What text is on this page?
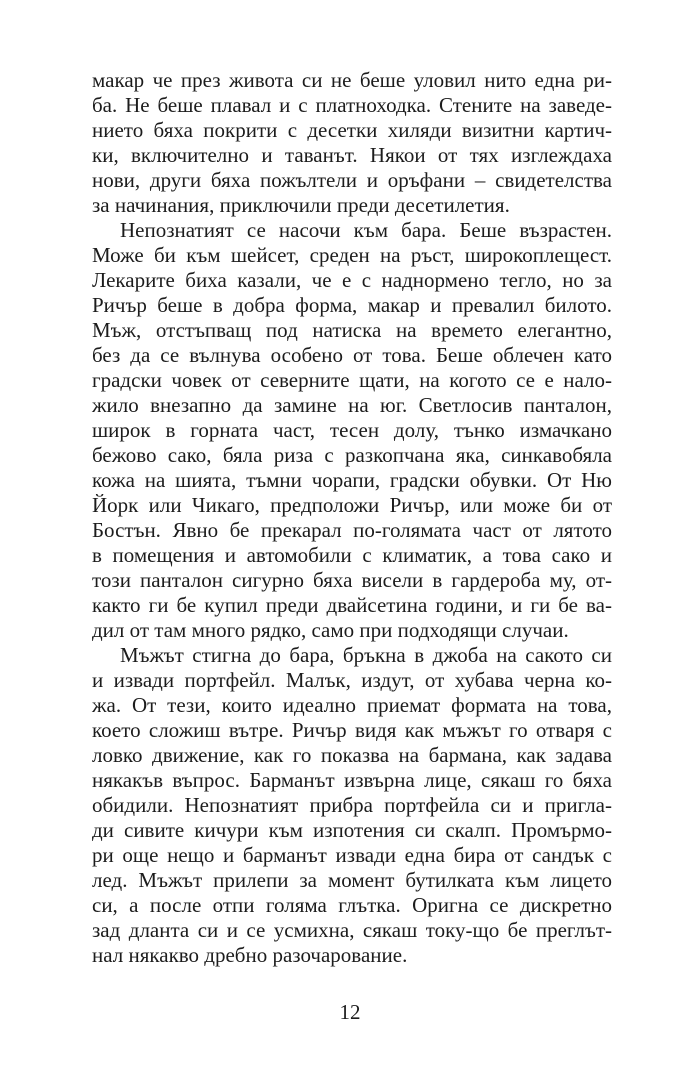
макар че през живота си не беше уловил нито една ри-
ба. Не беше плавал и с платноходка. Стените на заведе-
нието бяха покрити с десетки хиляди визитни картич-
ки, включително и таванът. Някои от тях изглеждаха
нови, други бяха пожълтели и оръфани – свидетелства
за начинания, приключили преди десетилетия.
Непознатият се насочи към бара. Беше възрастен.
Може би към шейсет, среден на ръст, широкоплещест.
Лекарите биха казали, че е с наднормено тегло, но за
Ричър беше в добра форма, макар и превалил билото.
Мъж, отстъпващ под натиска на времето елегантно,
без да се вълнува особено от това. Беше облечен като
градски човек от северните щати, на когото се е нало-
жило внезапно да замине на юг. Светлосив панталон,
широк в горната част, тесен долу, тънко измачкано
бежово сако, бяла риза с разкопчана яка, синкавобяла
кожа на шията, тъмни чорапи, градски обувки. От Ню
Йорк или Чикаго, предположи Ричър, или може би от
Бостън. Явно бе прекарал по-голямата част от лятото
в помещения и автомобили с климатик, а това сако и
този панталон сигурно бяха висели в гардероба му, от-
както ги бе купил преди двайсетина години, и ги бе ва-
дил от там много рядко, само при подходящи случаи.
Мъжът стигна до бара, бръкна в джоба на сакото си
и извади портфейл. Малък, издут, от хубава черна ко-
жа. От тези, които идеално приемат формата на това,
което сложиш вътре. Ричър видя как мъжът го отваря с
ловко движение, как го показва на бармана, как задава
някакъв въпрос. Барманът извърна лице, сякаш го бяха
обидили. Непознатият прибра портфейла си и пригла-
ди сивите кичури към изпотения си скалп. Промърмо-
ри още нещо и барманът извади една бира от сандък с
лед. Мъжът прилепи за момент бутилката към лицето
си, а после отпи голяма глътка. Оригна се дискретно
зад дланта си и се усмихна, сякаш току-що бе преглът-
нал някакво дребно разочарование.
12
